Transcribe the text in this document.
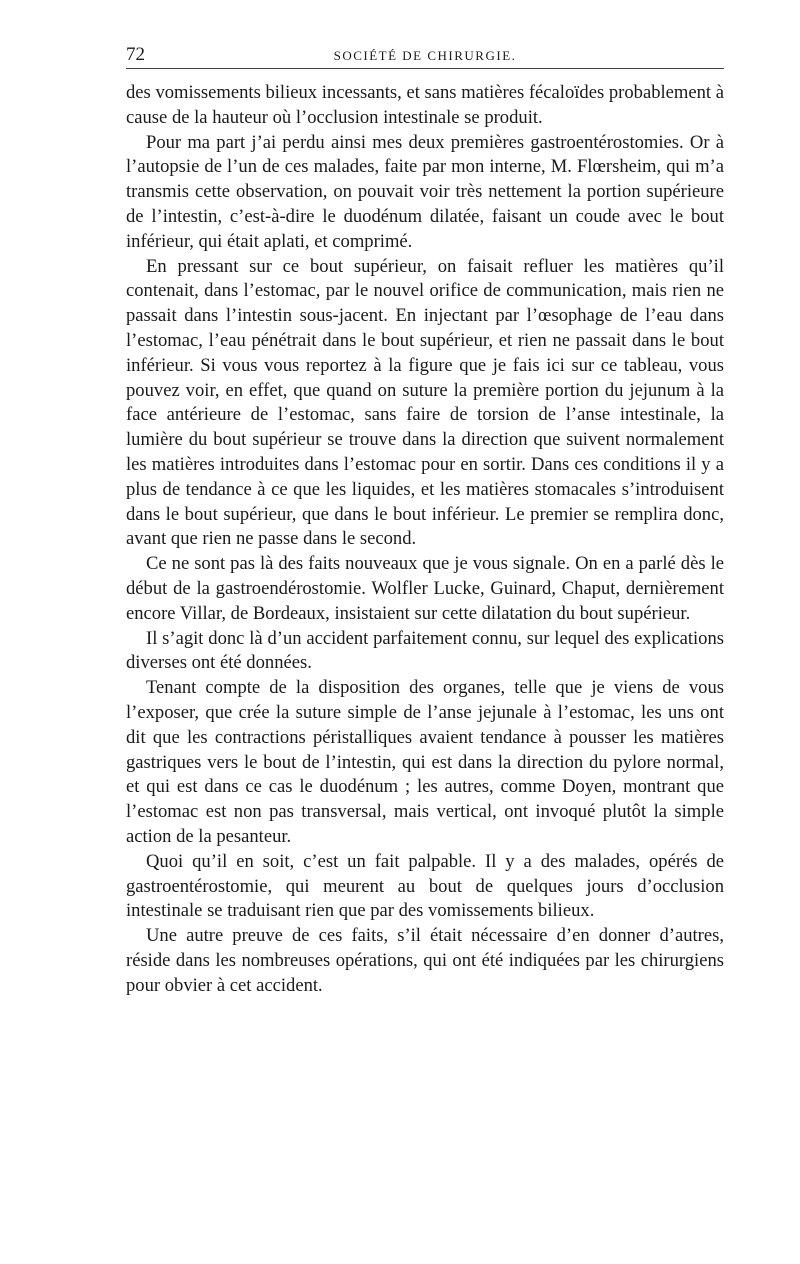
72	SOCIÉTÉ DE CHIRURGIE.

des vomissements bilieux incessants, et sans matières fécaloïdes probablement à cause de la hauteur où l’occlusion intestinale se produit.

Pour ma part j’ai perdu ainsi mes deux premières gastroentérostomies. Or à l’autopsie de l’un de ces malades, faite par mon interne, M. Flœrsheim, qui m’a transmis cette observation, on pouvait voir très nettement la portion supérieure de l’intestin, c’est-à-dire le duodénum dilatée, faisant un coude avec le bout inférieur, qui était aplati, et comprimé.

En pressant sur ce bout supérieur, on faisait refluer les matières qu’il contenait, dans l’estomac, par le nouvel orifice de communication, mais rien ne passait dans l’intestin sous-jacent. En injectant par l’œsophage de l’eau dans l’estomac, l’eau pénétrait dans le bout supérieur, et rien ne passait dans le bout inférieur. Si vous vous reportez à la figure que je fais ici sur ce tableau, vous pouvez voir, en effet, que quand on suture la première portion du jejunum à la face antérieure de l’estomac, sans faire de torsion de l’anse intestinale, la lumière du bout supérieur se trouve dans la direction que suivent normalement les matières introduites dans l’estomac pour en sortir. Dans ces conditions il y a plus de tendance à ce que les liquides, et les matières stomacales s’introduisent dans le bout supérieur, que dans le bout inférieur. Le premier se remplira donc, avant que rien ne passe dans le second.

Ce ne sont pas là des faits nouveaux que je vous signale. On en a parlé dès le début de la gastroendérostomie. Wolfler Lucke, Guinard, Chaput, dernièrement encore Villar, de Bordeaux, insistaient sur cette dilatation du bout supérieur.

Il s’agit donc là d’un accident parfaitement connu, sur lequel des explications diverses ont été données.

Tenant compte de la disposition des organes, telle que je viens de vous l’exposer, que crée la suture simple de l’anse jejunale à l’estomac, les uns ont dit que les contractions péristalliques avaient tendance à pousser les matières gastriques vers le bout de l’intestin, qui est dans la direction du pylore normal, et qui est dans ce cas le duodénum ; les autres, comme Doyen, montrant que l’estomac est non pas transversal, mais vertical, ont invoqué plutôt la simple action de la pesanteur.

Quoi qu’il en soit, c’est un fait palpable. Il y a des malades, opérés de gastroentérostomie, qui meurent au bout de quelques jours d’occlusion intestinale se traduisant rien que par des vomissements bilieux.

Une autre preuve de ces faits, s’il était nécessaire d’en donner d’autres, réside dans les nombreuses opérations, qui ont été indiquées par les chirurgiens pour obvier à cet accident.
